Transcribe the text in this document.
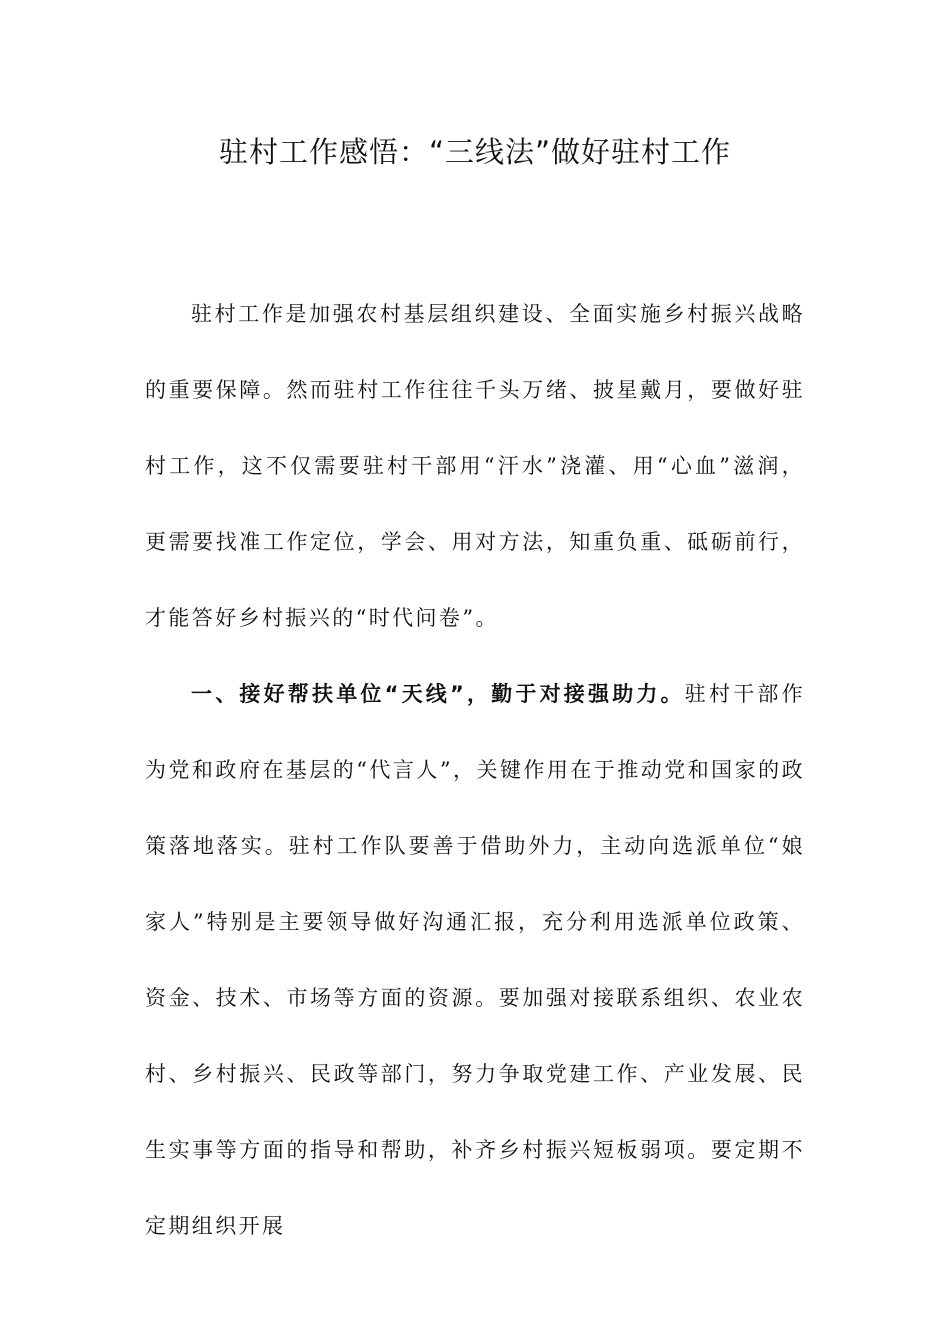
驻村工作感悟：“三线法”做好驻村工作

驻村工作是加强农村基层组织建设、全面实施乡村振兴战略的重要保障。然而驻村工作往往千头万绪、披星戴月，要做好驻村工作，这不仅需要驻村干部用“汗水”浇灌、用“心血”滋润，更需要找准工作定位，学会、用对方法，知重负重、砥砺前行，才能答好乡村振兴的“时代问卷”。

一、接好帮扶单位“天线”，勤于对接强助力。驻村干部作为党和政府在基层的“代言人”，关键作用在于推动党和国家的政策落地落实。驻村工作队要善于借助外力，主动向选派单位“娘家人”特别是主要领导做好沟通汇报，充分利用选派单位政策、资金、技术、市场等方面的资源。要加强对接联系组织、农业农村、乡村振兴、民政等部门，努力争取党建工作、产业发展、民生实事等方面的指导和帮助，补齐乡村振兴短板弱项。要定期不定期组织开展
